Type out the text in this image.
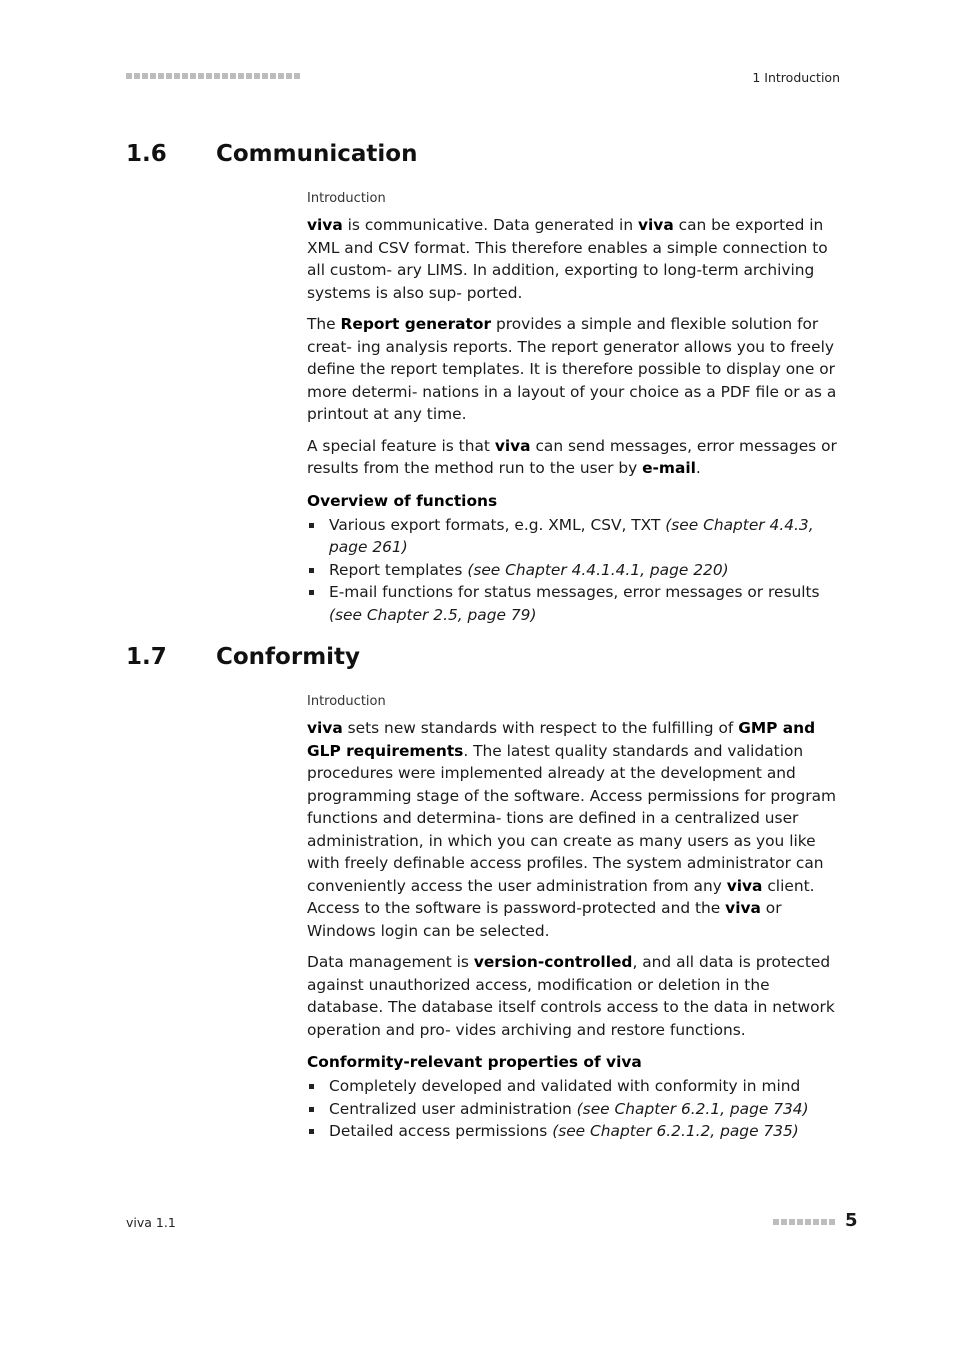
1 Introduction
1.6	Communication
Introduction

viva is communicative. Data generated in viva can be exported in XML and CSV format. This therefore enables a simple connection to all custom- ary LIMS. In addition, exporting to long-term archiving systems is also sup- ported.

The Report generator provides a simple and flexible solution for creat- ing analysis reports. The report generator allows you to freely define the report templates. It is therefore possible to display one or more determi- nations in a layout of your choice as a PDF file or as a printout at any time.

A special feature is that viva can send messages, error messages or results from the method run to the user by e-mail.

Overview of functions
Various export formats, e.g. XML, CSV, TXT (see Chapter 4.4.3, page 261)
Report templates (see Chapter 4.4.1.4.1, page 220)
E-mail functions for status messages, error messages or results (see Chapter 2.5, page 79)
1.7	Conformity
Introduction

viva sets new standards with respect to the fulfilling of GMP and GLP requirements. The latest quality standards and validation procedures were implemented already at the development and programming stage of the software. Access permissions for program functions and determina- tions are defined in a centralized user administration, in which you can create as many users as you like with freely definable access profiles. The system administrator can conveniently access the user administration from any viva client. Access to the software is password-protected and the viva or Windows login can be selected.

Data management is version-controlled, and all data is protected against unauthorized access, modification or deletion in the database. The database itself controls access to the data in network operation and pro- vides archiving and restore functions.

Conformity-relevant properties of viva
Completely developed and validated with conformity in mind
Centralized user administration (see Chapter 6.2.1, page 734)
Detailed access permissions (see Chapter 6.2.1.2, page 735)
viva 1.1	5
